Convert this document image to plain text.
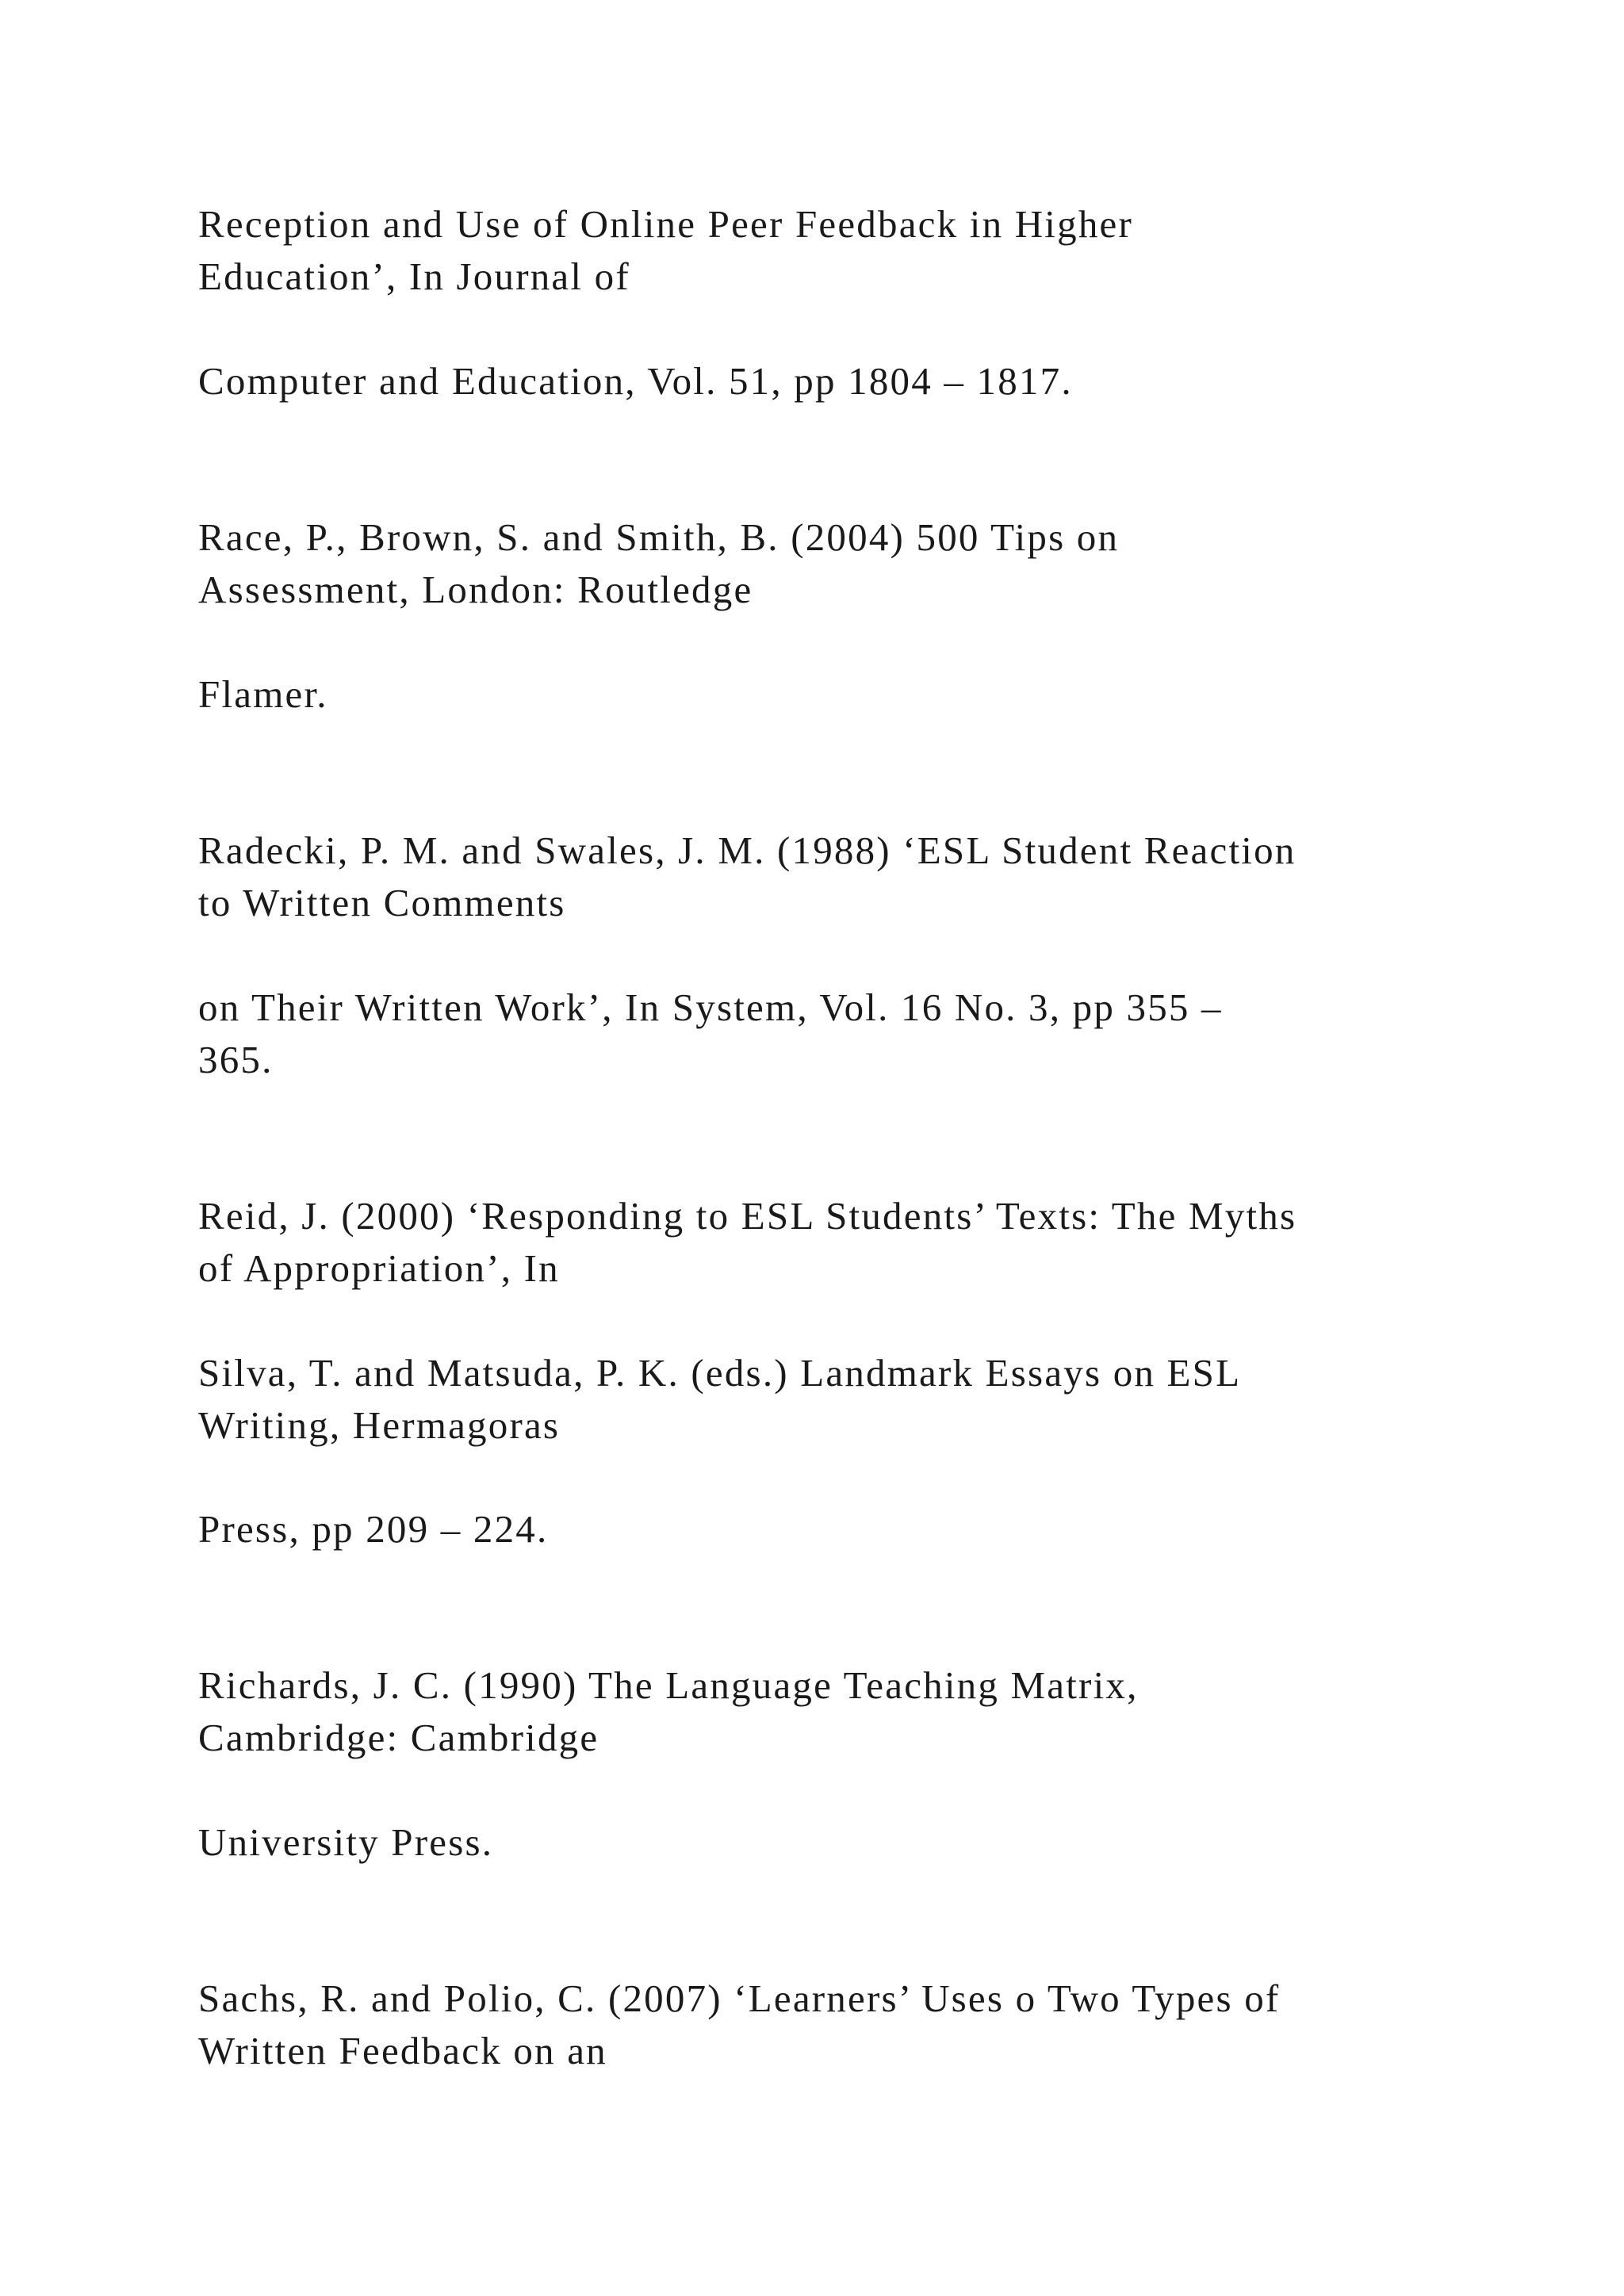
Reception and Use of Online Peer Feedback in Higher

Education’, In Journal of

Computer and Education, Vol. 51, pp 1804 – 1817.

Race, P., Brown, S. and Smith, B. (2004) 500 Tips on

Assessment, London: Routledge

Flamer.

Radecki, P. M. and Swales, J. M. (1988) ‘ESL Student Reaction

to Written Comments

on Their Written Work’, In System, Vol. 16 No. 3, pp 355 –

365.

Reid, J. (2000) ‘Responding to ESL Students’ Texts: The Myths

of Appropriation’, In

Silva, T. and Matsuda, P. K. (eds.) Landmark Essays on ESL

Writing, Hermagoras

Press, pp 209 – 224.

Richards, J. C. (1990) The Language Teaching Matrix,

Cambridge: Cambridge

University Press.

Sachs, R. and Polio, C. (2007) ‘Learners’ Uses o Two Types of

Written Feedback on an
